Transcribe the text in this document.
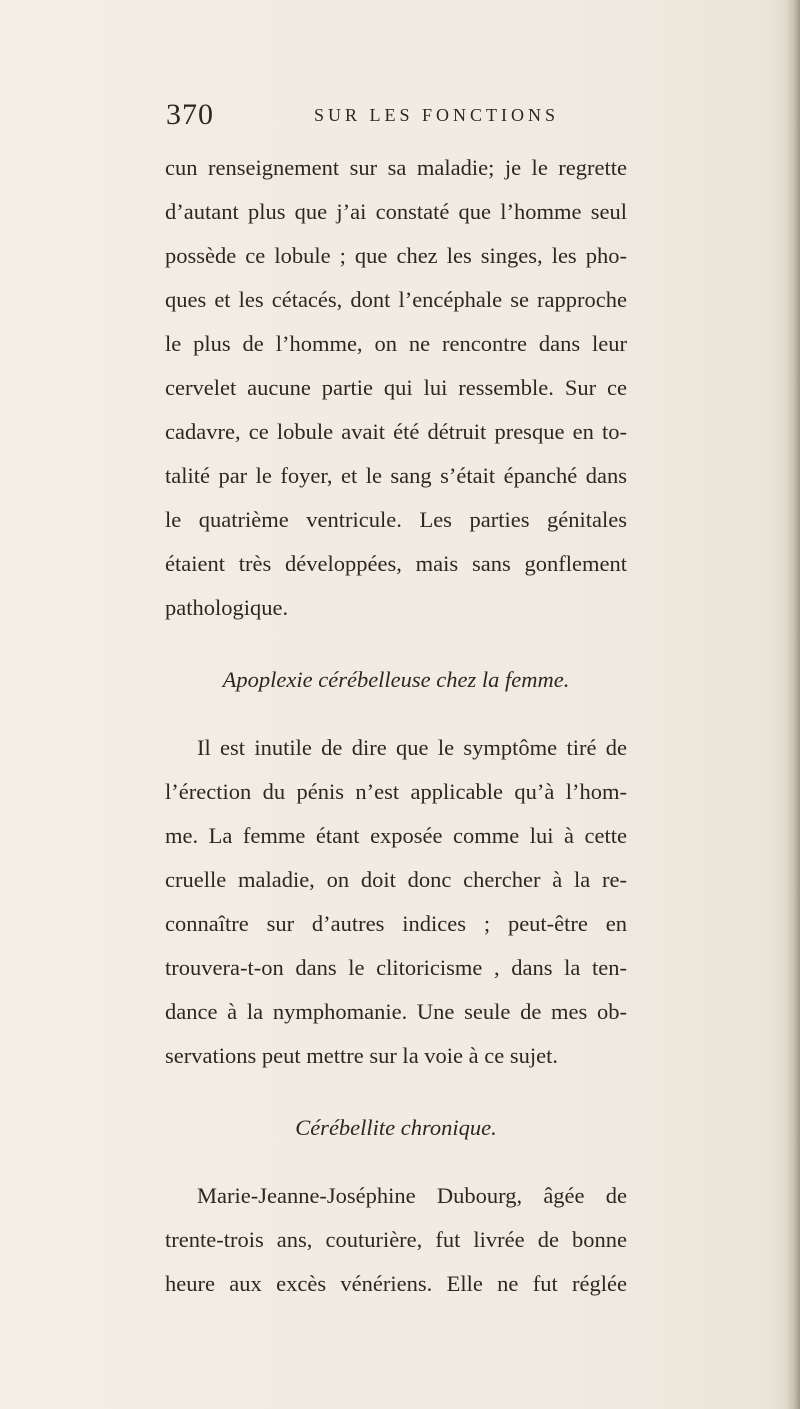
370	SUR LES FONCTIONS
cun renseignement sur sa maladie; je le regrette
d’autant plus que j’ai constaté que l’homme seul
possède ce lobule ; que chez les singes, les pho-
ques et les cétacés, dont l’encéphale se rapproche
le plus de l’homme, on ne rencontre dans leur
cervelet aucune partie qui lui ressemble. Sur ce
cadavre, ce lobule avait été détruit presque en to-
talité par le foyer, et le sang s’était épanché dans
le quatrième ventricule. Les parties génitales
étaient très développées, mais sans gonflement
pathologique.
Apoplexie cérébelleuse chez la femme.
Il est inutile de dire que le symptôme tiré de
l’érection du pénis n’est applicable qu’à l’hom-
me. La femme étant exposée comme lui à cette
cruelle maladie, on doit donc chercher à la re-
connaître sur d’autres indices ; peut-être en
trouvera-t-on dans le clitoricisme , dans la ten-
dance à la nymphomanie. Une seule de mes ob-
servations peut mettre sur la voie à ce sujet.
Cérébellite chronique.
Marie-Jeanne-Joséphine Dubourg, âgée de
trente-trois ans, couturière, fut livrée de bonne
heure aux excès vénériens. Elle ne fut réglée
